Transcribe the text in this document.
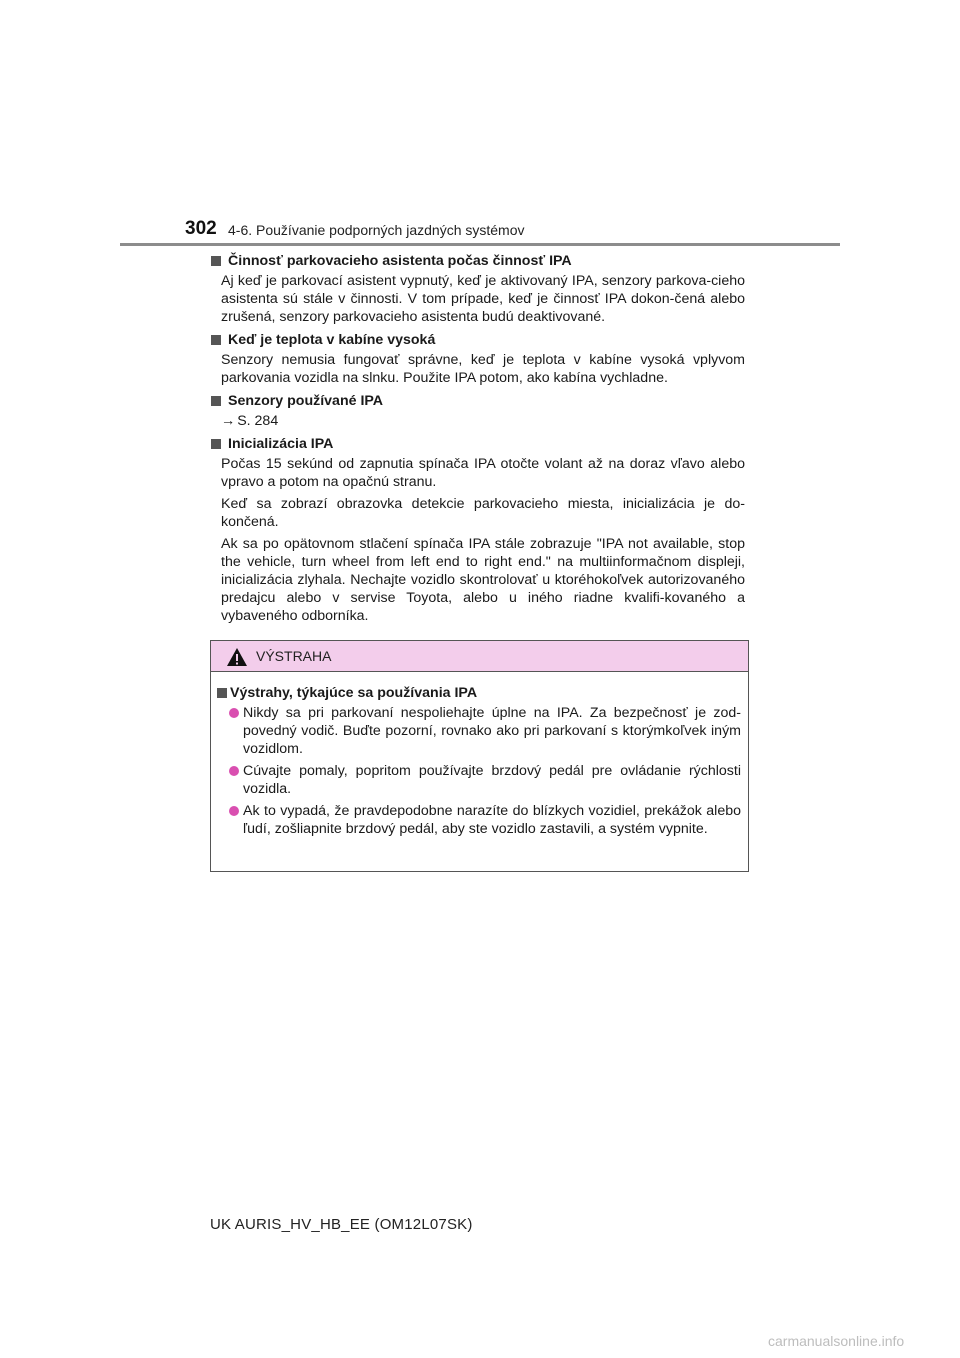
302 4-6. Používanie podporných jazdných systémov
Činnosť parkovacieho asistenta počas činnosť IPA
Aj keď je parkovací asistent vypnutý, keď je aktivovaný IPA, senzory parkova-cieho asistenta sú stále v činnosti. V tom prípade, keď je činnosť IPA dokon-čená alebo zrušená, senzory parkovacieho asistenta budú deaktivované.
Keď je teplota v kabíne vysoká
Senzory nemusia fungovať správne, keď je teplota v kabíne vysoká vplyvom parkovania vozidla na slnku. Použite IPA potom, ako kabína vychladne.
Senzory používané IPA
→ S. 284
Inicializácia IPA
Počas 15 sekúnd od zapnutia spínača IPA otočte volant až na doraz vľavo alebo vpravo a potom na opačnú stranu.
Keď sa zobrazí obrazovka detekcie parkovacieho miesta, inicializácia je do-končená.
Ak sa po opätovnom stlačení spínača IPA stále zobrazuje "IPA not available, stop the vehicle, turn wheel from left end to right end." na multiinformačnom displeji, inicializácia zlyhala. Nechajte vozidlo skontrolovať u ktoréhokoľvek autorizovaného predajcu alebo v servise Toyota, alebo u iného riadne kvalifi-kovaného a vybaveného odborníka.
VÝSTRAHA
Výstrahy, týkajúce sa používania IPA
Nikdy sa pri parkovaní nespoliehajte úplne na IPA. Za bezpečnosť je zod-povedný vodič. Buďte pozorní, rovnako ako pri parkovaní s ktorýmkoľvek iným vozidlom.
Cúvajte pomaly, popritom používajte brzdový pedál pre ovládanie rýchlosti vozidla.
Ak to vypadá, že pravdepodobne narazíte do blízkych vozidiel, prekážok alebo ľudí, zošliapnite brzdový pedál, aby ste vozidlo zastavili, a systém vypnite.
UK AURIS_HV_HB_EE (OM12L07SK)
carmanualsonline.info
